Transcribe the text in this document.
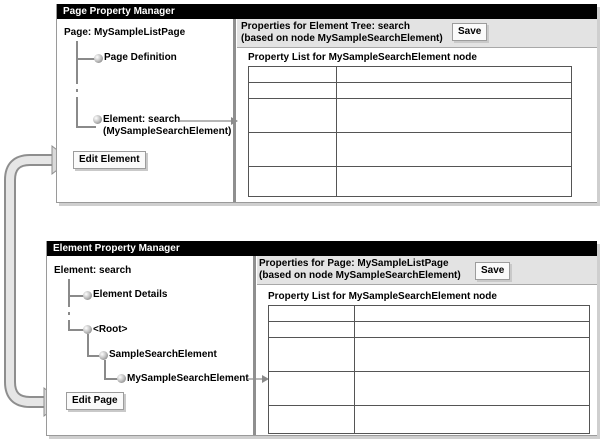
Page Property Manager
Page: MySampleListPage
Page Definition
Element: search
(MySampleSearchElement)
Edit Element
Properties for Element Tree: search
(based on node MySampleSearchElement)
Save
Property List for MySampleSearchElement node

Element Property Manager
Element: search
Element Details
<Root>
SampleSearchElement
MySampleSearchElement
Edit Page
Properties for Page: MySampleListPage
(based on node MySampleSearchElement)	Save
Property List for MySampleSearchElement node
